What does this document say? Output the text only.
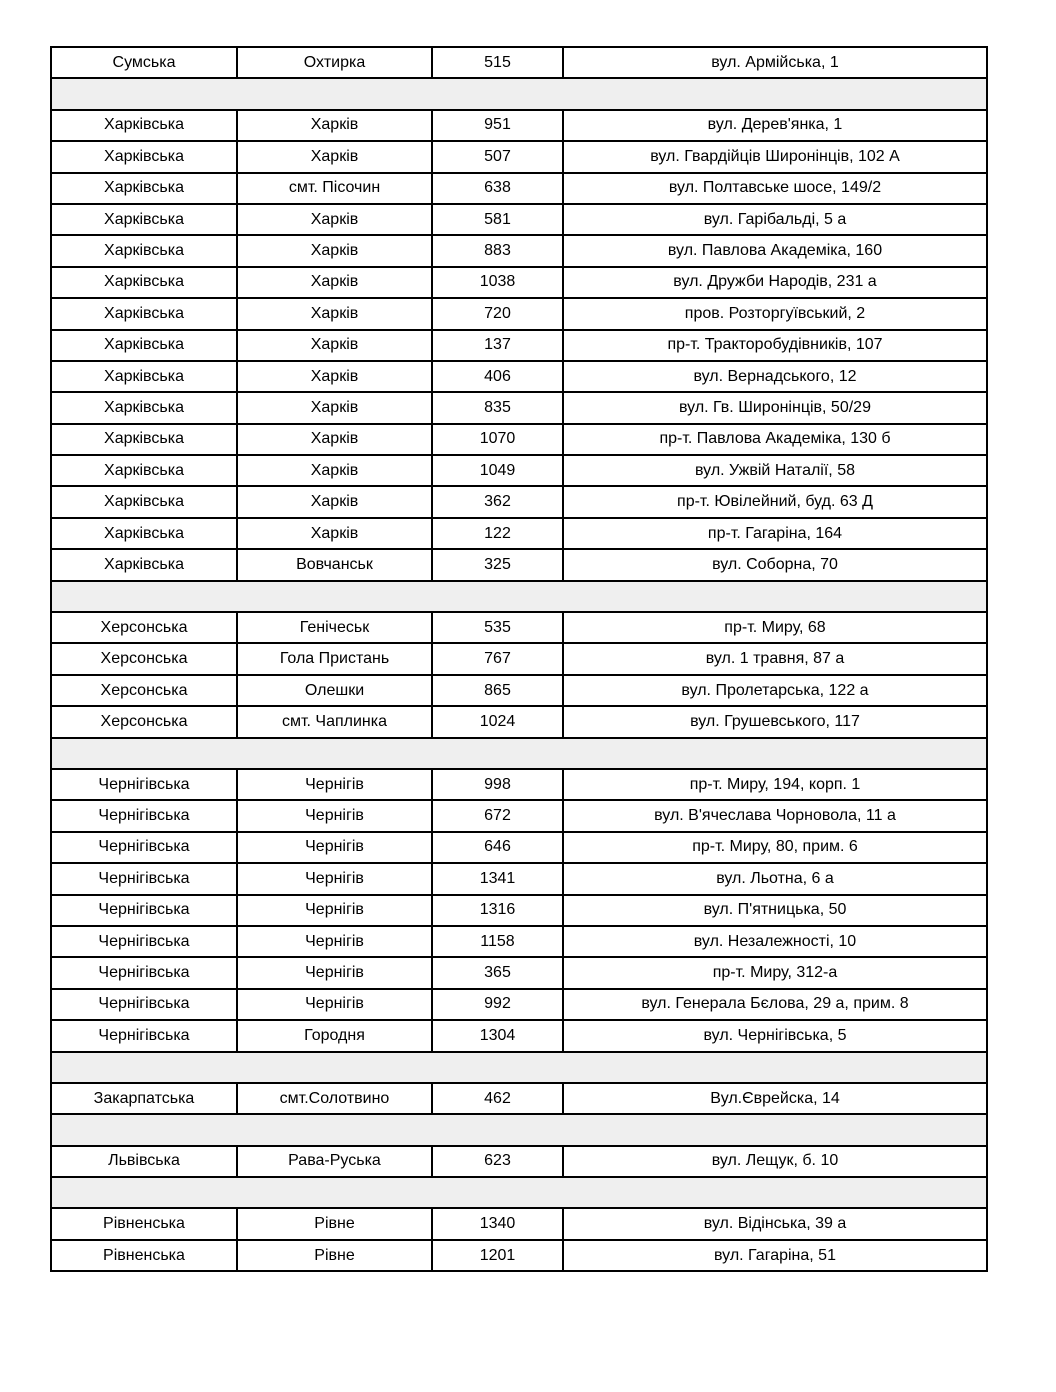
Сумська	Охтирка	515	вул. Армійська, 1

Харківська	Харків	951	вул. Дерев'янка, 1
Харківська	Харків	507	вул. Гвардійців Широнінців, 102 А
Харківська	смт. Пісочин	638	вул. Полтавське шосе, 149/2
Харківська	Харків	581	вул. Гарібальді, 5 а
Харківська	Харків	883	вул. Павлова Академіка, 160
Харківська	Харків	1038	вул. Дружби Народів, 231 а
Харківська	Харків	720	пров. Розторгуївський, 2
Харківська	Харків	137	пр-т. Тракторобудівників, 107
Харківська	Харків	406	вул. Вернадського, 12
Харківська	Харків	835	вул. Гв. Широнінців, 50/29
Харківська	Харків	1070	пр-т. Павлова Академіка, 130 б
Харківська	Харків	1049	вул. Ужвій Наталії, 58
Харківська	Харків	362	пр-т. Ювілейний, буд. 63 Д
Харківська	Харків	122	пр-т. Гагаріна, 164
Харківська	Вовчанськ	325	вул. Соборна, 70

Херсонська	Генічеськ	535	пр-т. Миру, 68
Херсонська	Гола Пристань	767	вул. 1 травня, 87 а
Херсонська	Олешки	865	вул. Пролетарська, 122 а
Херсонська	смт. Чаплинка	1024	вул. Грушевського, 117

Чернігівська	Чернігів	998	пр-т. Миру, 194, корп. 1
Чернігівська	Чернігів	672	вул. В'ячеслава Чорновола, 11 а
Чернігівська	Чернігів	646	пр-т. Миру, 80, прим. 6
Чернігівська	Чернігів	1341	вул. Льотна, 6 а
Чернігівська	Чернігів	1316	вул. П'ятницька, 50
Чернігівська	Чернігів	1158	вул. Незалежності, 10
Чернігівська	Чернігів	365	пр-т. Миру, 312-а
Чернігівська	Чернігів	992	вул. Генерала Бєлова, 29 а, прим. 8
Чернігівська	Городня	1304	вул. Чернігівська, 5

Закарпатська	смт.Солотвино	462	Вул.Єврейска, 14

Львівська	Рава-Руська	623	вул. Лещук, б. 10

Рівненська	Рівне	1340	вул. Відінська, 39 а
Рівненська	Рівне	1201	вул. Гагаріна, 51
